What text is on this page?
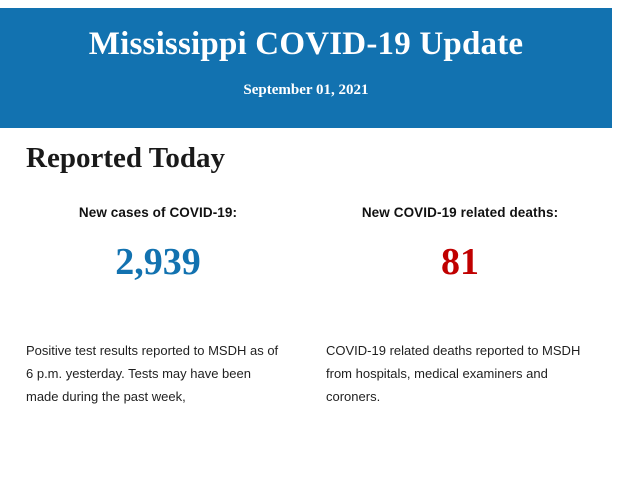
Mississippi COVID-19 Update
September 01, 2021
Reported Today
New cases of COVID-19:
2,939
New COVID-19 related deaths:
81
Positive test results reported to MSDH as of 6 p.m. yesterday. Tests may have been made during the past week,
COVID-19 related deaths reported to MSDH from hospitals, medical examiners and coroners.
